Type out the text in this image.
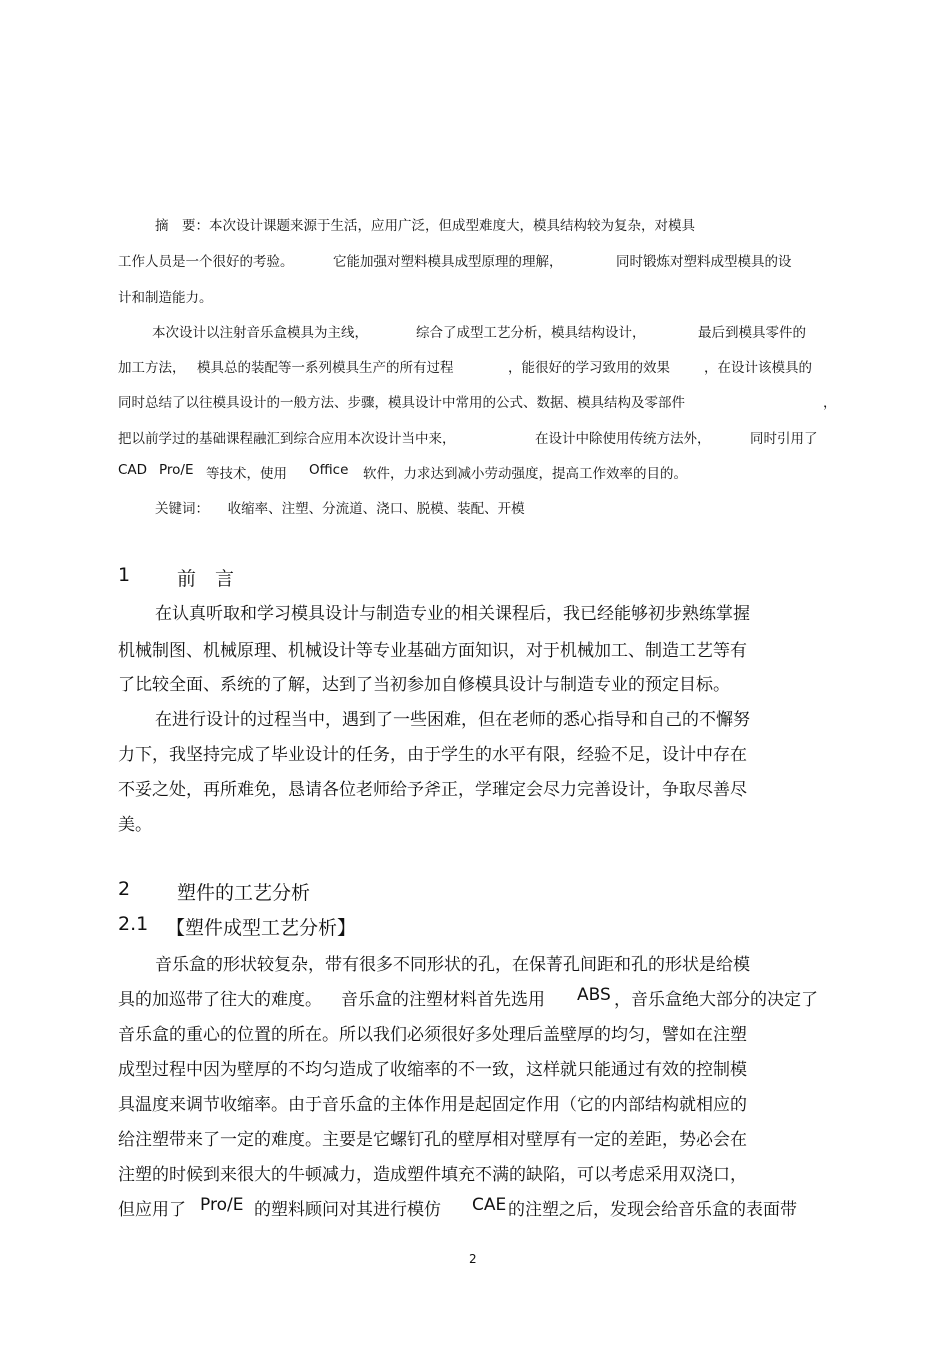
摘　要：本次设计课题来源于生活，应用广泛，但成型难度大，模具结构较为复杂，对模具
工作人员是一个很好的考验。	它能加强对塑料模具成型原理的理解，	同时锻炼对塑料成型模具的设
计和制造能力。
本次设计以注射音乐盒模具为主线，	综合了成型工艺分析，模具结构设计，	最后到模具零件的
加工方法， 模具总的装配等一系列模具生产的所有过程	，能很好的学习致用的效果	，在设计该模具的
同时总结了以往模具设计的一般方法、步骤，模具设计中常用的公式、数据、模具结构及零部件	，
把以前学过的基础课程融汇到综合应用本次设计当中来，	在设计中除使用传统方法外，	同时引用了
CAD Pro/E 等技术，使用 Office 软件，力求达到减小劳动强度，提高工作效率的目的。
关键词： 收缩率、注塑、分流道、浇口、脱模、装配、开模
1 前　言
在认真听取和学习模具设计与制造专业的相关课程后，我已经能够初步熟练掌握
机械制图、机械原理、机械设计等专业基础方面知识，对于机械加工、制造工艺等有
了比较全面、系统的了解，达到了当初参加自修模具设计与制造专业的预定目标。
在进行设计的过程当中，遇到了一些困难，但在老师的悉心指导和自己的不懈努
力下，我坚持完成了毕业设计的任务，由于学生的水平有限，经验不足，设计中存在
不妥之处，再所难免，恳请各位老师给予斧正，学璀定会尽力完善设计，争取尽善尽
美。
2 塑件的工艺分析
2.1 【塑件成型工艺分析】
音乐盒的形状较复杂，带有很多不同形状的孔，在保菁孔间距和孔的形状是给模
具的加巡带了往大的难度。 音乐盒的注塑材料首先选用 ABS ，音乐盒绝大部分的决定了
音乐盒的重心的位置的所在。所以我们必须很好多处理后盖壁厚的均匀，譬如在注塑
成型过程中因为壁厚的不均匀造成了收缩率的不一致，这样就只能通过有效的控制模
具温度来调节收缩率。由于音乐盒的主体作用是起固定作用（它的内部结构就相应的
给注塑带来了一定的难度。主要是它螺钉孔的壁厚相对壁厚有一定的差距，势必会在
注塑的时候到来很大的牛顿减力，造成塑件填充不满的缺陷，可以考虑采用双浇口，
但应用了 Pro/E 的塑料顾问对其进行模仿 CAE 的注塑之后，发现会给音乐盒的表面带
2
